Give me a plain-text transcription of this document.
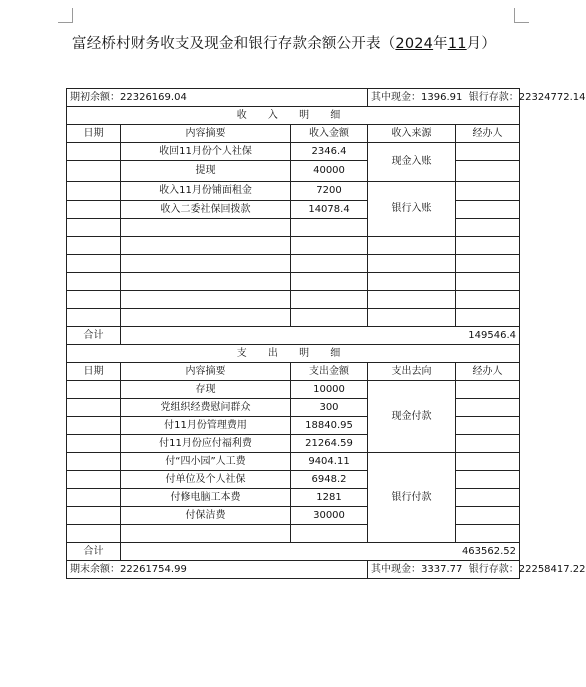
富经桥村财务收支及现金和银行存款余额公开表（2024年11月）
期初余额：22326169.04			其中现金：1396.91 银行存款：22324772.14	
收 入 明 细				
日期	内容摘要	收入金额	收入来源	经办人
	收回11月份个人社保	2346.4	现金入账	
	提现	40000		
	收入11月份铺面租金	7200	银行入账	
	收入二委社保回拨款	14078.4		

合计	149546.4			
支 出 明 细				
日期	内容摘要	支出金额	支出去向	经办人
	存现	10000	现金付款	
	党组织经费慰问群众	300		
	付11月份管理费用	18840.95		
	付11月份应付福利费	21264.59		
	付“四小园”人工费	9404.11	银行付款	
	付单位及个人社保	6948.2		
	付修电脑工本费	1281		
	付保洁费	30000		

合计	463562.52			
期末余额：22261754.99			其中现金：3337.77 银行存款：22258417.22	
